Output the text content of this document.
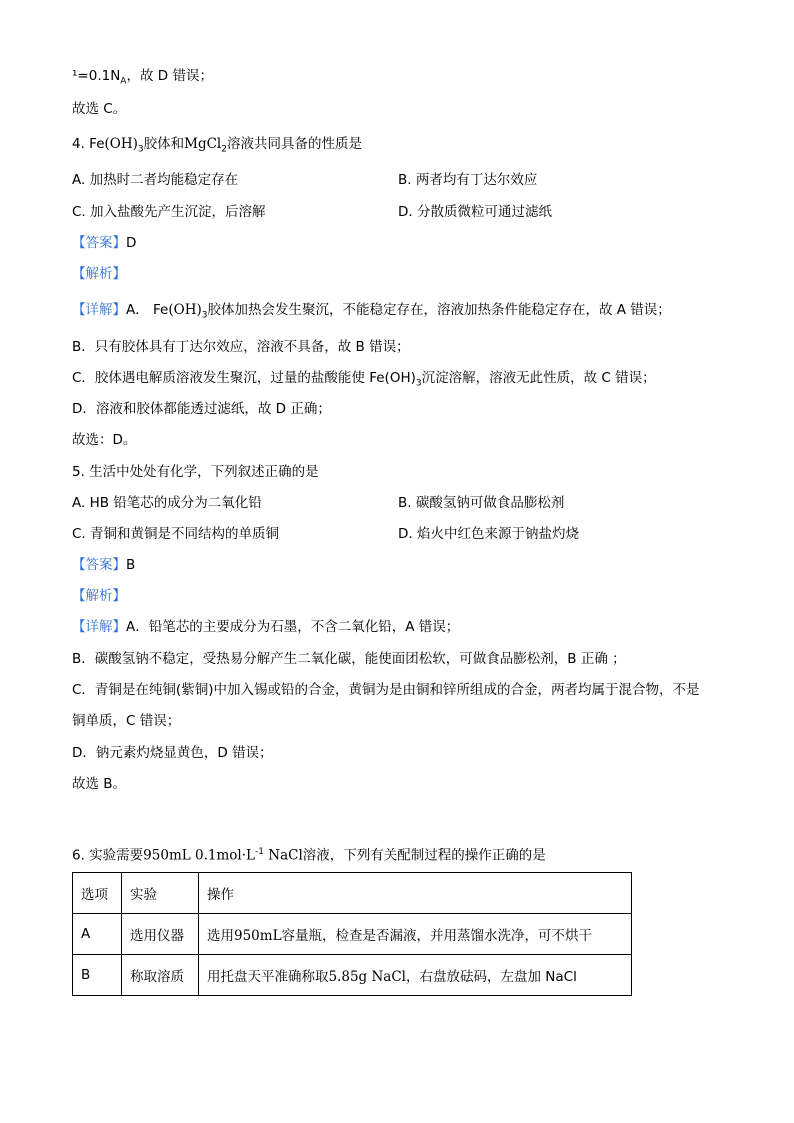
$^1=0.1N_A$，故 D 错误；
故选 C。
4. $Fe(OH)_3$胶体和MgCl$_2$溶液共同具备的性质是
A. 加热时二者均能稳定存在	B. 两者均有丁达尔效应
C. 加入盐酸先产生沉淀，后溶解	D. 分散质微粒可通过滤纸
【答案】D
【解析】
【详解】A． $Fe(OH)_3$胶体加热会发生聚沉，不能稳定存在，溶液加热条件能稳定存在，故 A 错误；
B．只有胶体具有丁达尔效应，溶液不具备，故 B 错误；
C．胶体遇电解质溶液发生聚沉，过量的盐酸能使 $Fe(OH)_3$沉淀溶解，溶液无此性质，故 C 错误；
D．溶液和胶体都能透过滤纸，故 D 正确；
故选：D。
5. 生活中处处有化学，下列叙述正确的是
A. HB 铅笔芯的成分为二氧化铅	B. 碳酸氢钠可做食品膨松剂
C. 青铜和黄铜是不同结构的单质铜	D. 焰火中红色来源于钠盐灼烧
【答案】B
【解析】
【详解】A．铅笔芯的主要成分为石墨，不含二氧化铅，A 错误；
B．碳酸氢钠不稳定，受热易分解产生二氧化碳，能使面团松软，可做食品膨松剂，B 正确 ；
C．青铜是在纯铜(紫铜)中加入锡或铅的合金，黄铜为是由铜和锌所组成的合金，两者均属于混合物，不是
铜单质，C 错误；
D．钠元素灼烧显黄色，D 错误；
故选 B。
6. 实验需要950mL $0.1mol\cdot L^{-1}$ NaCl溶液，下列有关配制过程的操作正确的是
选项	实验	操作
A	选用仪器	选用950mL容量瓶，检查是否漏液，并用蒸馏水洗净，可不烘干
B	称取溶质	用托盘天平准确称取5.85g NaCl，右盘放砝码，左盘加 NaCl
